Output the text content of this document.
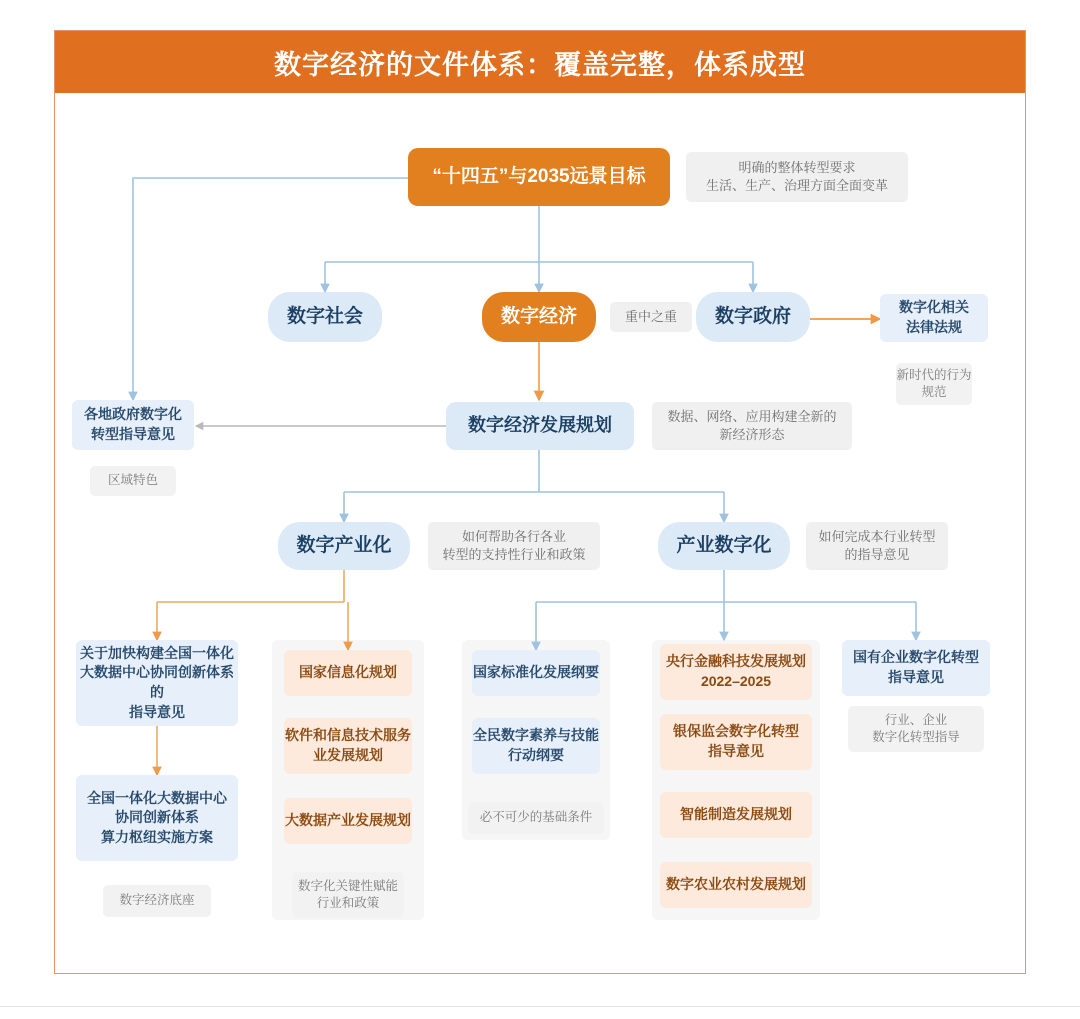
数字经济的文件体系：覆盖完整，体系成型
“十四五”与2035远景目标	明确的整体转型要求
生活、生产、治理方面全面变革
数字社会	数字经济	重中之重 数字政府	数字化相关
法律法规
新时代的行为
规范
各地政府数字化
转型指导意见
区域特色
数字经济发展规划	数据、网络、应用构建全新的
新经济形态
数字产业化	如何帮助各行各业
转型的支持性行业和政策	产业数字化	如何完成本行业转型
的指导意见
关于加快构建全国一体化
大数据中心协同创新体系的
指导意见
全国一体化大数据中心
协同创新体系
算力枢纽实施方案
数字经济底座
国家信息化规划
软件和信息技术服务
业发展规划
大数据产业发展规划
数字化关键性赋能
行业和政策
国家标准化发展纲要
全民数字素养与技能
行动纲要
必不可少的基础条件
央行金融科技发展规划
2022–2025
银保监会数字化转型
指导意见
智能制造发展规划
数字农业农村发展规划
国有企业数字化转型
指导意见
行业、企业
数字化转型指导
